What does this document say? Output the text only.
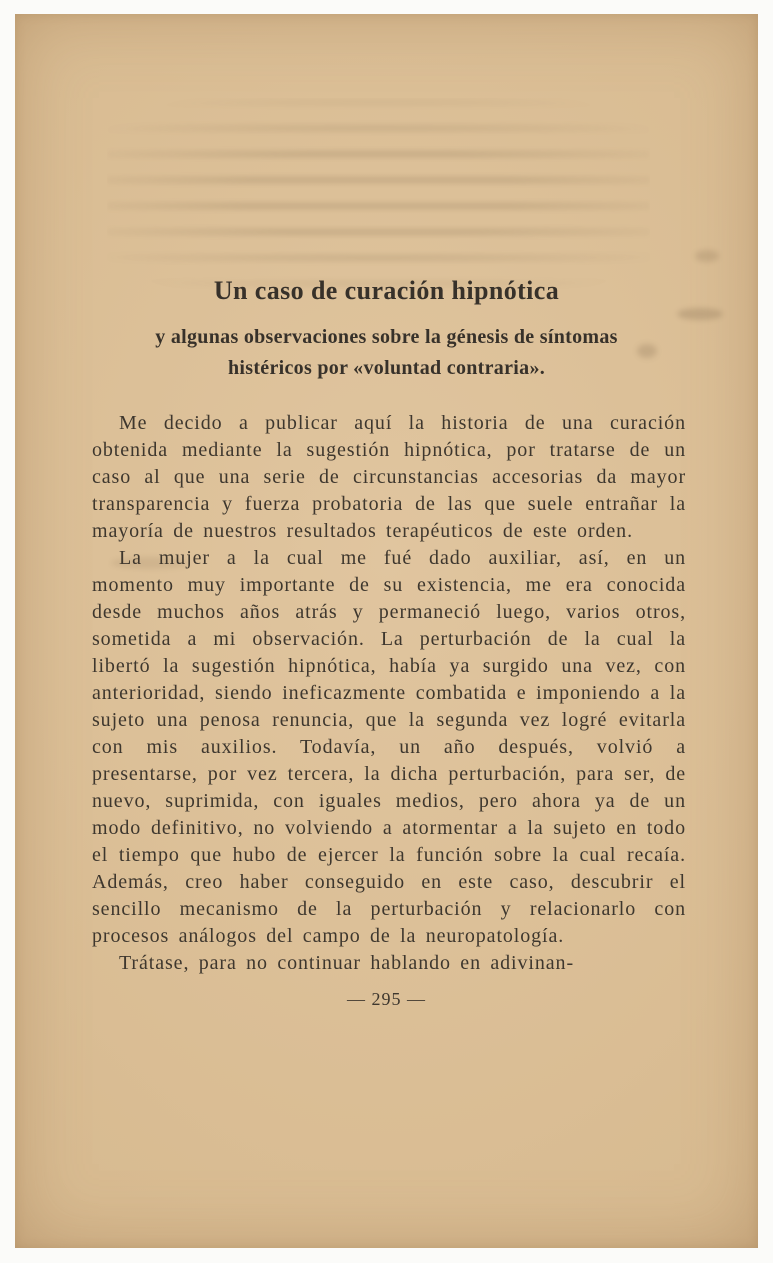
Un caso de curación hipnótica
y algunas observaciones sobre la génesis de síntomas
histéricos por «voluntad contraria».

Me decido a publicar aquí la historia de una curación obtenida mediante la sugestión hipnótica, por tratarse de un caso al que una serie de circunstancias accesorias da mayor transparencia y fuerza probatoria de las que suele entrañar la mayoría de nuestros resultados terapéuticos de este orden.

La mujer a la cual me fué dado auxiliar, así, en un momento muy importante de su existencia, me era conocida desde muchos años atrás y permaneció luego, varios otros, sometida a mi observación. La perturbación de la cual la libertó la sugestión hipnótica, había ya surgido una vez, con anterioridad, siendo ineficazmente combatida e imponiendo a la sujeto una penosa renuncia, que la segunda vez logré evitarla con mis auxilios. Todavía, un año después, volvió a presentarse, por vez tercera, la dicha perturbación, para ser, de nuevo, suprimida, con iguales medios, pero ahora ya de un modo definitivo, no volviendo a atormentar a la sujeto en todo el tiempo que hubo de ejercer la función sobre la cual recaía. Además, creo haber conseguido en este caso, descubrir el sencillo mecanismo de la perturbación y relacionarlo con procesos análogos del campo de la neuropatología.

Trátase, para no continuar hablando en adivinan-

— 295 —
